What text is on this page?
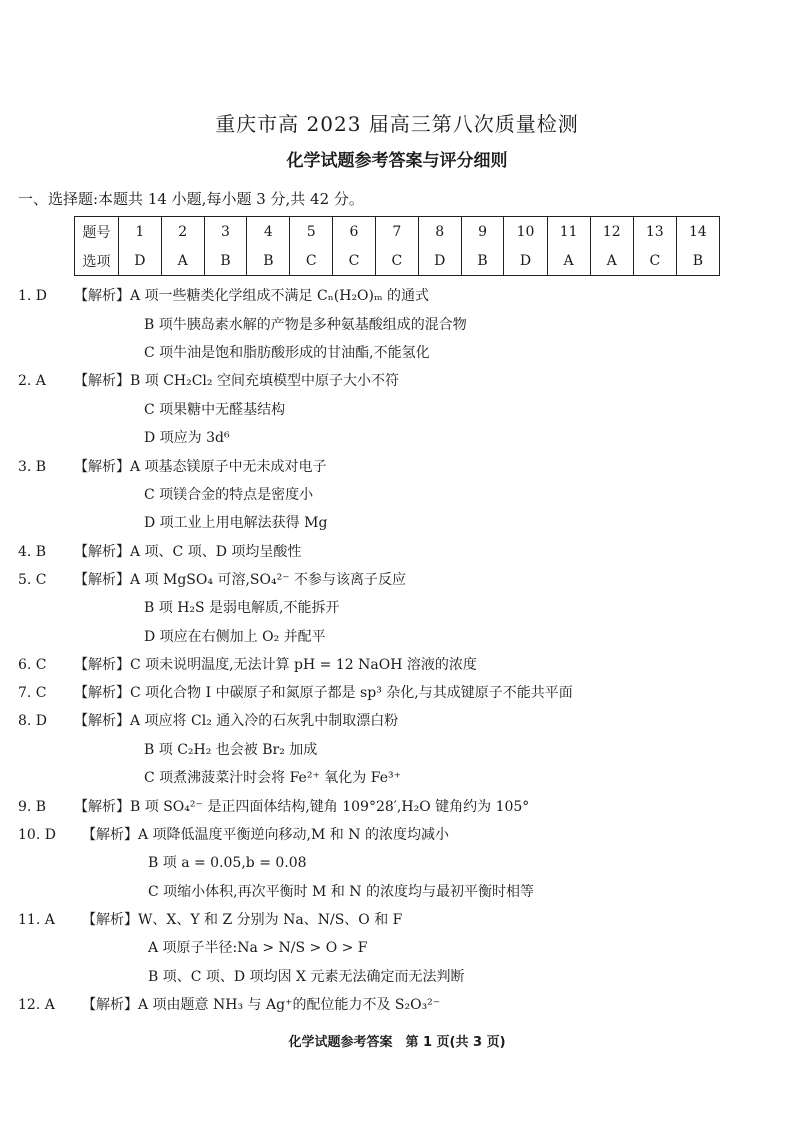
重庆市高 2023 届高三第八次质量检测
化学试题参考答案与评分细则
一、选择题:本题共 14 小题,每小题 3 分,共 42 分。
题号	1	2	3	4	5	6	7	8	9	10	11	12	13	14
选项	D	A	B	B	C	C	C	D	B	D	A	A	C	B
1. D 【解析】A 项一些糖类化学组成不满足 Cₙ(H₂O)ₘ 的通式
B 项牛胰岛素水解的产物是多种氨基酸组成的混合物
C 项牛油是饱和脂肪酸形成的甘油酯,不能氢化
2. A 【解析】B 项 CH₂Cl₂ 空间充填模型中原子大小不符
C 项果糖中无醛基结构
D 项应为 3d⁶
3. B 【解析】A 项基态镁原子中无未成对电子
C 项镁合金的特点是密度小
D 项工业上用电解法获得 Mg
4. B 【解析】A 项、C 项、D 项均呈酸性
5. C 【解析】A 项 MgSO₄ 可溶,SO₄²⁻ 不参与该离子反应
B 项 H₂S 是弱电解质,不能拆开
D 项应在右侧加上 O₂ 并配平
6. C 【解析】C 项未说明温度,无法计算 pH = 12 NaOH 溶液的浓度
7. C 【解析】C 项化合物 I 中碳原子和氮原子都是 sp³ 杂化,与其成键原子不能共平面
8. D 【解析】A 项应将 Cl₂ 通入冷的石灰乳中制取漂白粉
B 项 C₂H₂ 也会被 Br₂ 加成
C 项煮沸菠菜汁时会将 Fe²⁺ 氧化为 Fe³⁺
9. B 【解析】B 项 SO₄²⁻ 是正四面体结构,键角 109°28′,H₂O 键角约为 105°
10. D 【解析】A 项降低温度平衡逆向移动,M 和 N 的浓度均减小
B 项 a = 0.05,b = 0.08
C 项缩小体积,再次平衡时 M 和 N 的浓度均与最初平衡时相等
11. A 【解析】W、X、Y 和 Z 分别为 Na、N/S、O 和 F
A 项原子半径:Na > N/S > O > F
B 项、C 项、D 项均因 X 元素无法确定而无法判断
12. A 【解析】A 项由题意 NH₃ 与 Ag⁺的配位能力不及 S₂O₃²⁻
化学试题参考答案　第 1 页(共 3 页)
